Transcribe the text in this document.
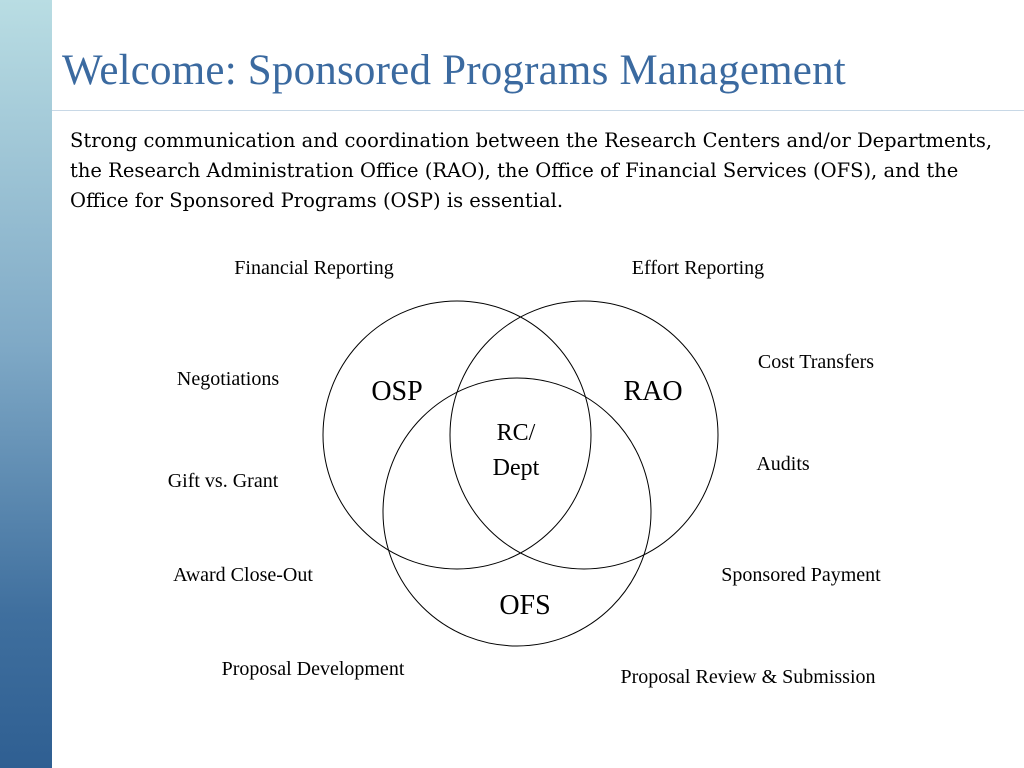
Welcome: Sponsored Programs Management
Strong communication and coordination between the Research Centers and/or Departments, the Research Administration Office (RAO), the Office of Financial Services (OFS), and the Office for Sponsored Programs (OSP) is essential.
OSP	RAO
OFS
RC/
Dept
Financial Reporting	Effort Reporting
Negotiations
Cost Transfers
Gift vs. Grant
Audits
Award Close-Out	Sponsored Payment
Proposal Development	Proposal Review & Submission
